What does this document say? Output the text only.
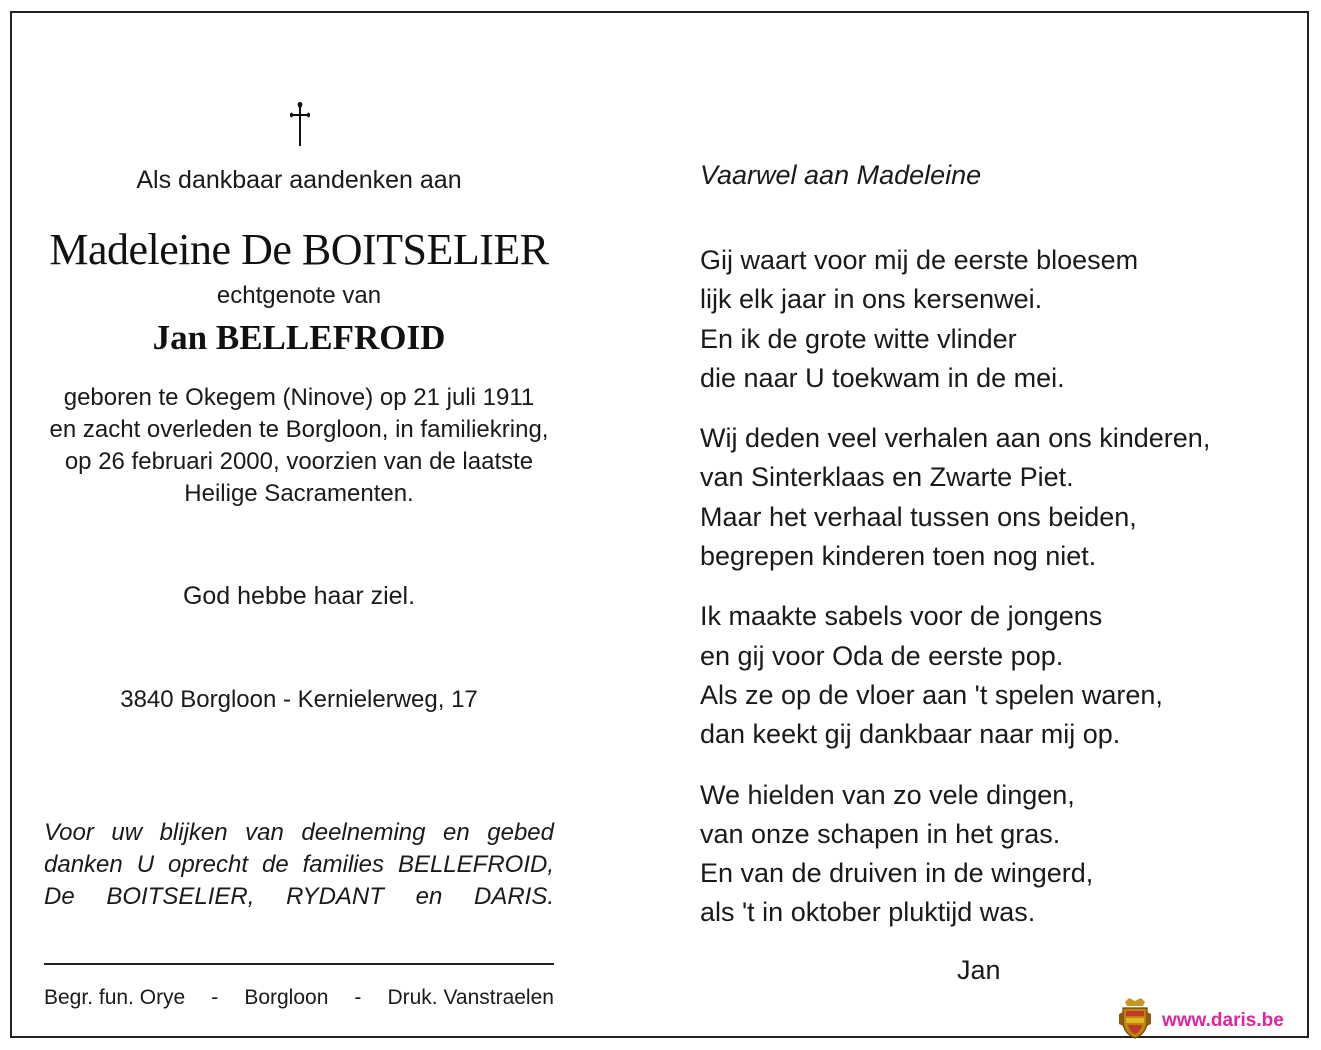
Als dankbaar aandenken aan
Madeleine De BOITSELIER
echtgenote van
Jan BELLEFROID
geboren te Okegem (Ninove) op 21 juli 1911
en zacht overleden te Borgloon, in familiekring,
op 26 februari 2000, voorzien van de laatste
Heilige Sacramenten.
God hebbe haar ziel.
3840 Borgloon - Kernielerweg, 17
Voor uw blijken van deelneming en gebed
danken U oprecht de families BELLEFROID,
De BOITSELIER, RYDANT en DARIS.
Begr. fun. Orye - Borgloon - Druk. Vanstraelen
Vaarwel aan Madeleine
Gij waart voor mij de eerste bloesem
lijk elk jaar in ons kersenwei.
En ik de grote witte vlinder
die naar U toekwam in de mei.
Wij deden veel verhalen aan ons kinderen,
van Sinterklaas en Zwarte Piet.
Maar het verhaal tussen ons beiden,
begrepen kinderen toen nog niet.
Ik maakte sabels voor de jongens
en gij voor Oda de eerste pop.
Als ze op de vloer aan 't spelen waren,
dan keekt gij dankbaar naar mij op.
We hielden van zo vele dingen,
van onze schapen in het gras.
En van de druiven in de wingerd,
als 't in oktober pluktijd was.
Jan
www.daris.be
